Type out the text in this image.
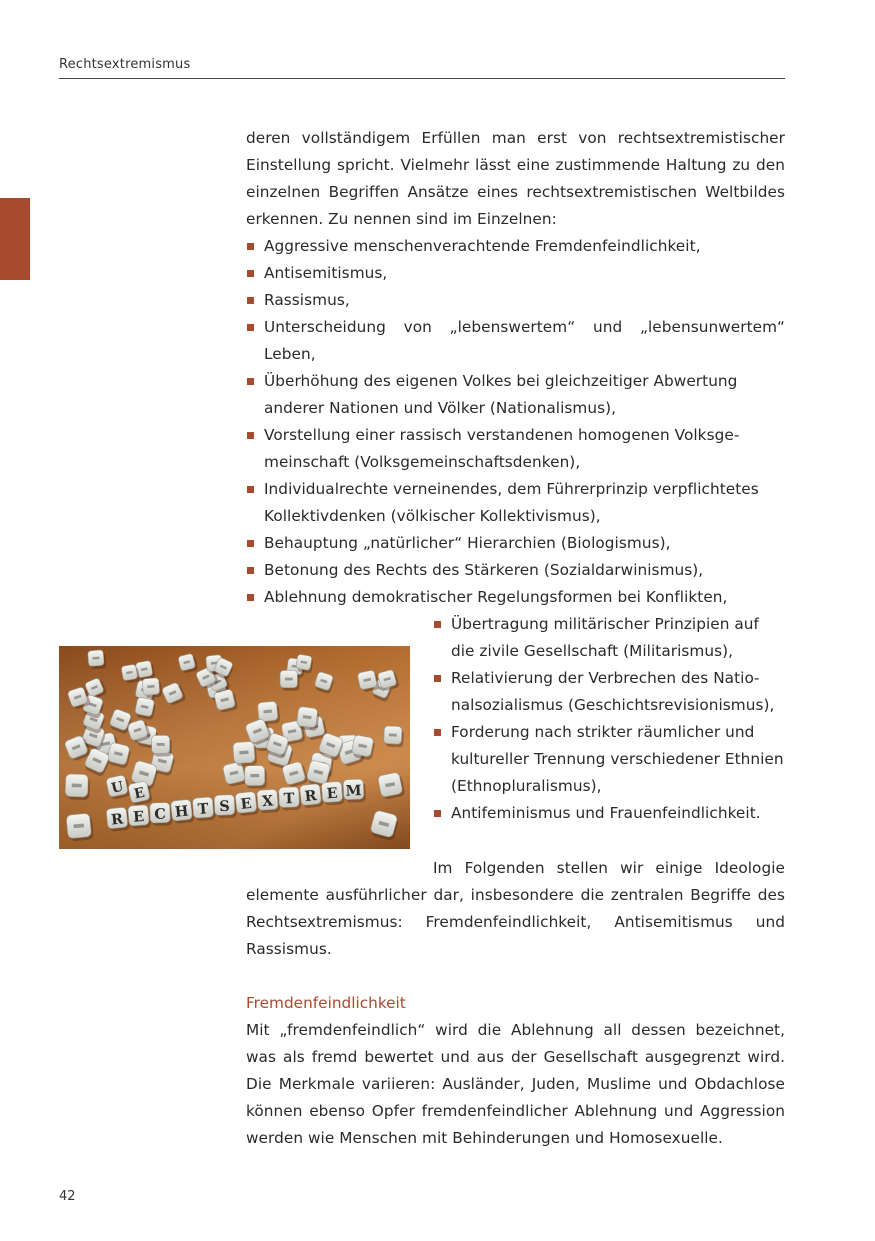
Rechtsextremismus

deren vollständigem Erfüllen man erst von rechtsextremistischer Einstellung spricht. Vielmehr lässt eine zustimmende Haltung zu den einzelnen Begriffen Ansätze eines rechtsextremistischen Weltbildes erkennen. Zu nennen sind im Einzelnen:

Aggressive menschenverachtende Fremdenfeindlichkeit,
Antisemitismus,
Rassismus,
Unterscheidung von „lebenswertem“ und „lebensunwertem“ Leben,
Überhöhung des eigenen Volkes bei gleichzeitiger Abwertung anderer Nationen und Völker (Nationalismus),
Vorstellung einer rassisch verstandenen homogenen Volksgemeinschaft (Volksgemeinschaftsdenken),
Individualrechte verneinendes, dem Führerprinzip verpflichtetes Kollektivdenken (völkischer Kollektivismus),
Behauptung „natürlicher“ Hierarchien (Biologismus),
Betonung des Rechts des Stärkeren (Sozialdarwinismus),
Ablehnung demokratischer Regelungsformen bei Konflikten,
Übertragung militärischer Prinzipien auf die zivile Gesellschaft (Militarismus),
Relativierung der Verbrechen des Nationalsozialismus (Geschichtsrevisionismus),
Forderung nach strikter räumlicher und kultureller Trennung verschiedener Ethnien (Ethnopluralismus),
Antifeminismus und Frauenfeindlichkeit.
R E C H T S E X T R E M
U E
Im Folgenden stellen wir einige Ideologie

elemente ausführlicher dar, insbesondere die zentralen Begriffe des Rechtsextremismus: Fremdenfeindlichkeit, Antisemitismus und Rassismus.

Fremdenfeindlichkeit

Mit „fremdenfeindlich“ wird die Ablehnung all dessen bezeichnet, was als fremd bewertet und aus der Gesellschaft ausgegrenzt wird. Die Merkmale variieren: Ausländer, Juden, Muslime und Obdachlose können ebenso Opfer fremdenfeindlicher Ablehnung und Aggression werden wie Menschen mit Behinderungen und Homosexuelle.

42
